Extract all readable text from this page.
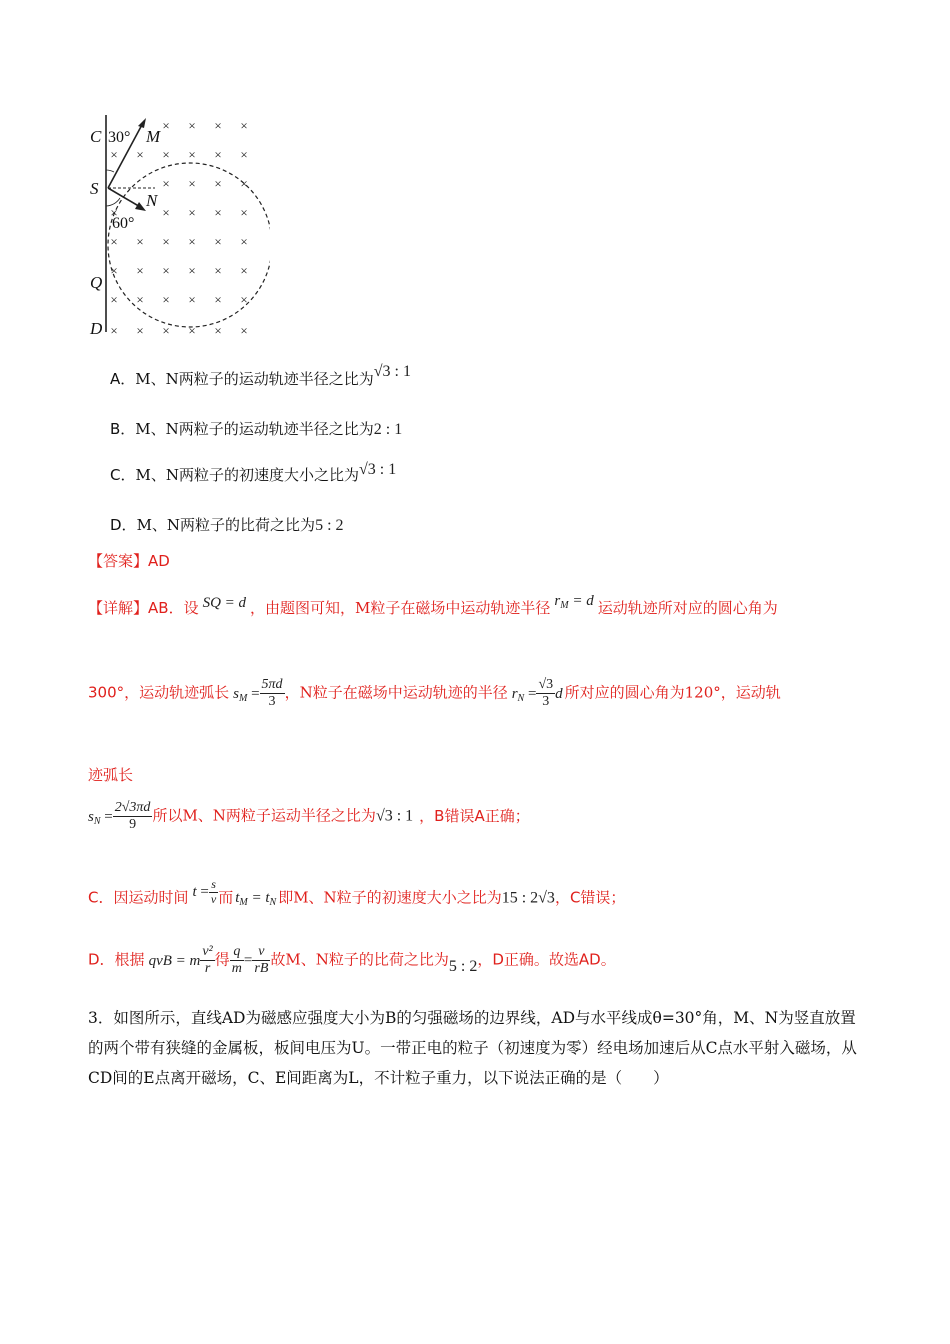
× × × ×
× × × × × ×
× × × ×
×	× × × ×
× × × × × ×
× × × × × ×
× × × × × ×
× × × × × ×
C 30° M
S
N
60°
Q
D
A．M、N两粒子的运动轨迹半径之比为√3 : 1
B．M、N两粒子的运动轨迹半径之比为2 : 1
C．M、N两粒子的初速度大小之比为√3 : 1
D．M、N两粒子的比荷之比为5 : 2
【答案】AD
【详解】AB．设 SQ = d ，由题图可知，M粒子在磁场中运动轨迹半径 $r_M = d$ 运动轨迹所对应的圆心角为
300°，运动轨迹弧长 $s_M = \frac{5\pi d}{3}$ ，N粒子在磁场中运动轨迹的半径 $r_N = \frac{√3}{3}$ d 所对应的圆心角为120°，运动轨
迹弧长
$s_N = \frac{2√3\pi d}{9}$ 所以M、N两粒子运动半径之比为√3 : 1 ，B错误A正确；
C．因运动时间 $t = \frac{s}{v}$ 而 $t_M = t_N$ 即M、N粒子的初速度大小之比为15 : 2√3，C错误；
D．根据 qvB = m $\frac{\text{v²}}{r}$ 得 $\frac{q}{m} = \frac{v}{rB}$ 故M、N粒子的比荷之比为5 : 2，D正确。故选AD。
3．如图所示，直线AD为磁感应强度大小为B的匀强磁场的边界线，AD与水平线成θ=30°角，M、N为竖直放置的两个带有狭缝的金属板，板间电压为U。一带正电的粒子（初速度为零）经电场加速后从C点水平射入磁场，从CD间的E点离开磁场，C、E间距离为L，不计粒子重力，以下说法正确的是（　　）
